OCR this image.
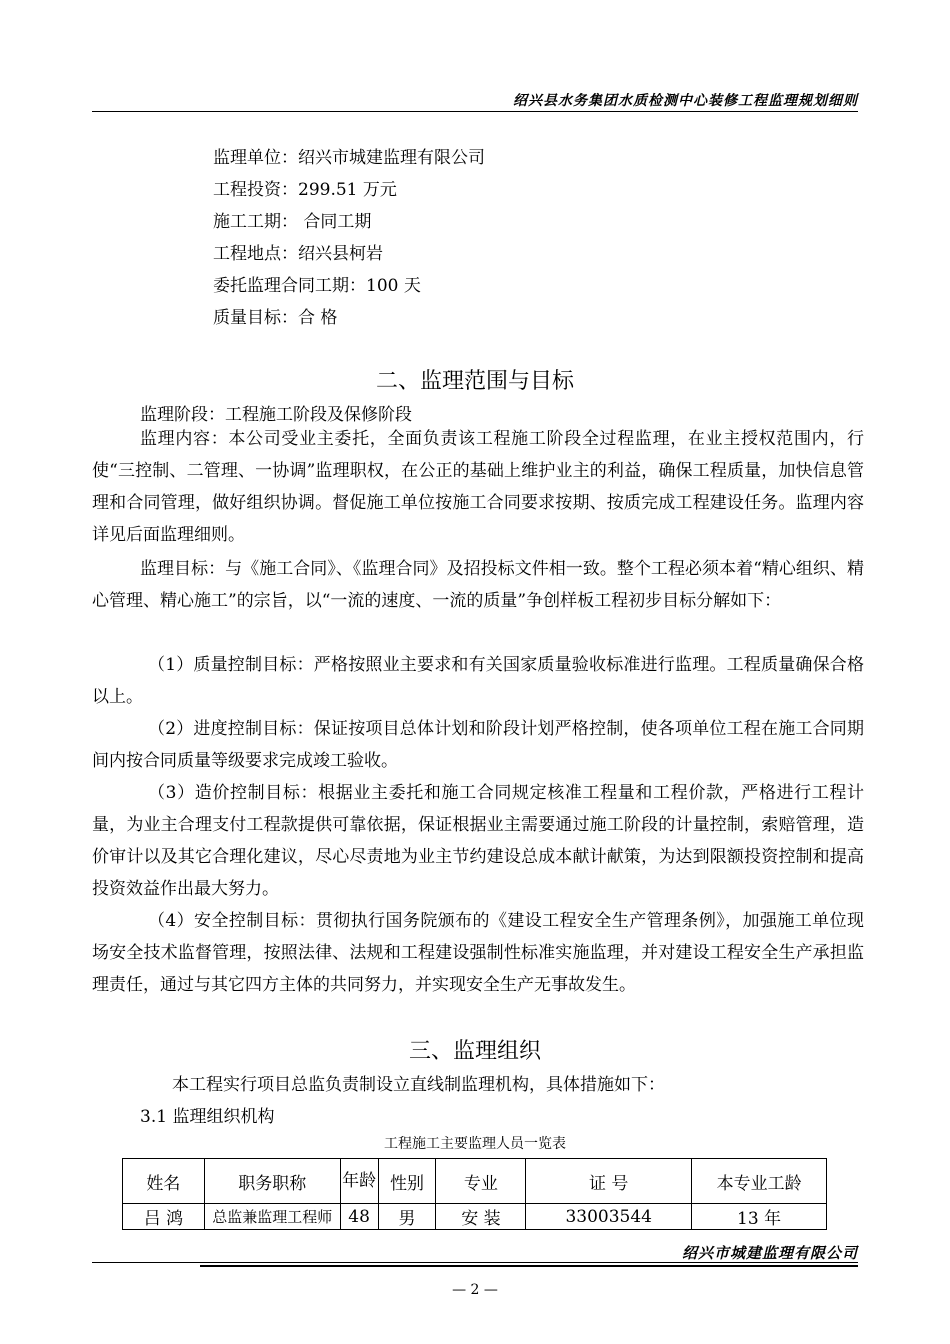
绍兴县水务集团水质检测中心装修工程监理规划细则
监理单位：绍兴市城建监理有限公司
工程投资：299.51 万元
施工工期： 合同工期
工程地点：绍兴县柯岩
委托监理合同工期：100 天
质量目标：合 格
二、监理范围与目标
监理阶段：工程施工阶段及保修阶段
监理内容：本公司受业主委托，全面负责该工程施工阶段全过程监理，在业主授权范围内，行使“三控制、二管理、一协调”监理职权，在公正的基础上维护业主的利益，确保工程质量，加快信息管理和合同管理，做好组织协调。督促施工单位按施工合同要求按期、按质完成工程建设任务。监理内容详见后面监理细则。
监理目标：与《施工合同》、《监理合同》及招投标文件相一致。整个工程必须本着“精心组织、精心管理、精心施工”的宗旨，以“一流的速度、一流的质量”争创样板工程初步目标分解如下：
（1）质量控制目标：严格按照业主要求和有关国家质量验收标准进行监理。工程质量确保合格以上。
（2）进度控制目标：保证按项目总体计划和阶段计划严格控制，使各项单位工程在施工合同期间内按合同质量等级要求完成竣工验收。
（3）造价控制目标：根据业主委托和施工合同规定核准工程量和工程价款，严格进行工程计量，为业主合理支付工程款提供可靠依据，保证根据业主需要通过施工阶段的计量控制，索赔管理，造价审计以及其它合理化建议，尽心尽责地为业主节约建设总成本献计献策，为达到限额投资控制和提高投资效益作出最大努力。
（4）安全控制目标：贯彻执行国务院颁布的《建设工程安全生产管理条例》，加强施工单位现场安全技术监督管理，按照法律、法规和工程建设强制性标准实施监理，并对建设工程安全生产承担监理责任，通过与其它四方主体的共同努力，并实现安全生产无事故发生。
三、监理组织
本工程实行项目总监负责制设立直线制监理机构，具体措施如下：
3.1 监理组织机构
工程施工主要监理人员一览表
姓名	职务职称	年龄	性别	专业	证 号	本专业工龄
吕 鸿	总监兼监理工程师	48	男	安 装	33003544	13 年
绍兴市城建监理有限公司
— 2 —
